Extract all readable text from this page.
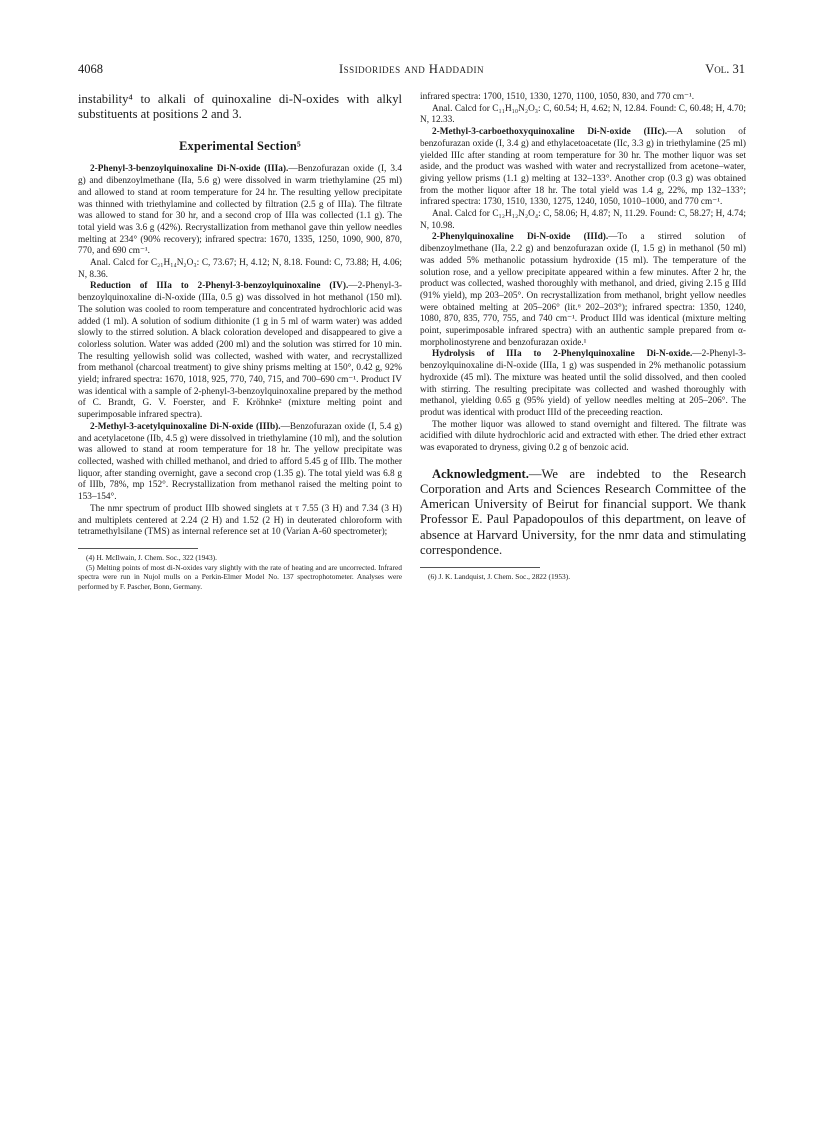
4068	Issidorides and Haddadin	Vol. 31

instability⁴ to alkali of quinoxaline di-N-oxides with alkyl substituents at positions 2 and 3.

Experimental Section⁵

2-Phenyl-3-benzoylquinoxaline Di-N-oxide (IIIa).—Benzofurazan oxide (I, 3.4 g) and dibenzoylmethane (IIa, 5.6 g) were dissolved in warm triethylamine (25 ml) and allowed to stand at room temperature for 24 hr. The resulting yellow precipitate was thinned with triethylamine and collected by filtration (2.5 g of IIIa). The filtrate was allowed to stand for 30 hr, and a second crop of IIIa was collected (1.1 g). The total yield was 3.6 g (42%). Recrystallization from methanol gave thin yellow needles melting at 234° (90% recovery); infrared spectra: 1670, 1335, 1250, 1090, 900, 870, 770, and 690 cm⁻¹.

Anal. Calcd for C₂₁H₁₄N₂O₃: C, 73.67; H, 4.12; N, 8.18. Found: C, 73.88; H, 4.06; N, 8.36.

Reduction of IIIa to 2-Phenyl-3-benzoylquinoxaline (IV).—2-Phenyl-3-benzoylquinoxaline di-N-oxide (IIIa, 0.5 g) was dissolved in hot methanol (150 ml). The solution was cooled to room temperature and concentrated hydrochloric acid was added (1 ml). A solution of sodium dithionite (1 g in 5 ml of warm water) was added slowly to the stirred solution. A black coloration developed and disappeared to give a colorless solution. Water was added (200 ml) and the solution was stirred for 10 min. The resulting yellowish solid was collected, washed with water, and recrystallized from methanol (charcoal treatment) to give shiny prisms melting at 150°, 0.42 g, 92% yield; infrared spectra: 1670, 1018, 925, 770, 740, 715, and 700–690 cm⁻¹. Product IV was identical with a sample of 2-phenyl-3-benzoylquinoxaline prepared by the method of C. Brandt, G. V. Foerster, and F. Kröhnke² (mixture melting point and superimposable infrared spectra).

2-Methyl-3-acetylquinoxaline Di-N-oxide (IIIb).—Benzofurazan oxide (I, 5.4 g) and acetylacetone (IIb, 4.5 g) were dissolved in triethylamine (10 ml), and the solution was allowed to stand at room temperature for 18 hr. The yellow precipitate was collected, washed with chilled methanol, and dried to afford 5.45 g of IIIb. The mother liquor, after standing overnight, gave a second crop (1.35 g). The total yield was 6.8 g of IIIb, 78%, mp 152°. Recrystallization from methanol raised the melting point to 153–154°.

The nmr spectrum of product IIIb showed singlets at τ 7.55 (3 H) and 7.34 (3 H) and multiplets centered at 2.24 (2 H) and 1.52 (2 H) in deuterated chloroform with tetramethylsilane (TMS) as internal reference set at 10 (Varian A-60 spectrometer);

(4) H. McIlwain, J. Chem. Soc., 322 (1943).

(5) Melting points of most di-N-oxides vary slightly with the rate of heating and are uncorrected. Infrared spectra were run in Nujol mulls on a Perkin-Elmer Model No. 137 spectrophotometer. Analyses were performed by F. Pascher, Bonn, Germany.

infrared spectra: 1700, 1510, 1330, 1270, 1100, 1050, 830, and 770 cm⁻¹.

Anal. Calcd for C₁₁H₁₀N₂O₃: C, 60.54; H, 4.62; N, 12.84. Found: C, 60.48; H, 4.70; N, 12.33.

2-Methyl-3-carboethoxyquinoxaline Di-N-oxide (IIIc).—A solution of benzofurazan oxide (I, 3.4 g) and ethylacetoacetate (IIc, 3.3 g) in triethylamine (25 ml) yielded IIIc after standing at room temperature for 30 hr. The mother liquor was set aside, and the product was washed with water and recrystallized from acetone–water, giving yellow prisms (1.1 g) melting at 132–133°. Another crop (0.3 g) was obtained from the mother liquor after 18 hr. The total yield was 1.4 g, 22%, mp 132–133°; infrared spectra: 1730, 1510, 1330, 1275, 1240, 1050, 1010–1000, and 770 cm⁻¹.

Anal. Calcd for C₁₂H₁₂N₂O₄: C, 58.06; H, 4.87; N, 11.29. Found: C, 58.27; H, 4.74; N, 10.98.

2-Phenylquinoxaline Di-N-oxide (IIId).—To a stirred solution of dibenzoylmethane (IIa, 2.2 g) and benzofurazan oxide (I, 1.5 g) in methanol (50 ml) was added 5% methanolic potassium hydroxide (15 ml). The temperature of the solution rose, and a yellow precipitate appeared within a few minutes. After 2 hr, the product was collected, washed thoroughly with methanol, and dried, giving 2.15 g IIId (91% yield), mp 203–205°. On recrystallization from methanol, bright yellow needles were obtained melting at 205–206° (lit.⁶ 202–203°); infrared spectra: 1350, 1240, 1080, 870, 835, 770, 755, and 740 cm⁻¹. Product IIId was identical (mixture melting point, superimposable infrared spectra) with an authentic sample prepared from α-morpholinostyrene and benzofurazan oxide.¹

Hydrolysis of IIIa to 2-Phenylquinoxaline Di-N-oxide.—2-Phenyl-3-benzoylquinoxaline di-N-oxide (IIIa, 1 g) was suspended in 2% methanolic potassium hydroxide (45 ml). The mixture was heated until the solid dissolved, and then cooled with stirring. The resulting precipitate was collected and washed thoroughly with methanol, yielding 0.65 g (95% yield) of yellow needles melting at 205–206°. The produt was identical with product IIId of the preceeding reaction.

The mother liquor was allowed to stand overnight and filtered. The filtrate was acidified with dilute hydrochloric acid and extracted with ether. The dried ether extract was evaporated to dryness, giving 0.2 g of benzoic acid.

Acknowledgment.—We are indebted to the Research Corporation and Arts and Sciences Research Committee of the American University of Beirut for financial support. We thank Professor E. Paul Papadopoulos of this department, on leave of absence at Harvard University, for the nmr data and stimulating correspondence.

(6) J. K. Landquist, J. Chem. Soc., 2822 (1953).
